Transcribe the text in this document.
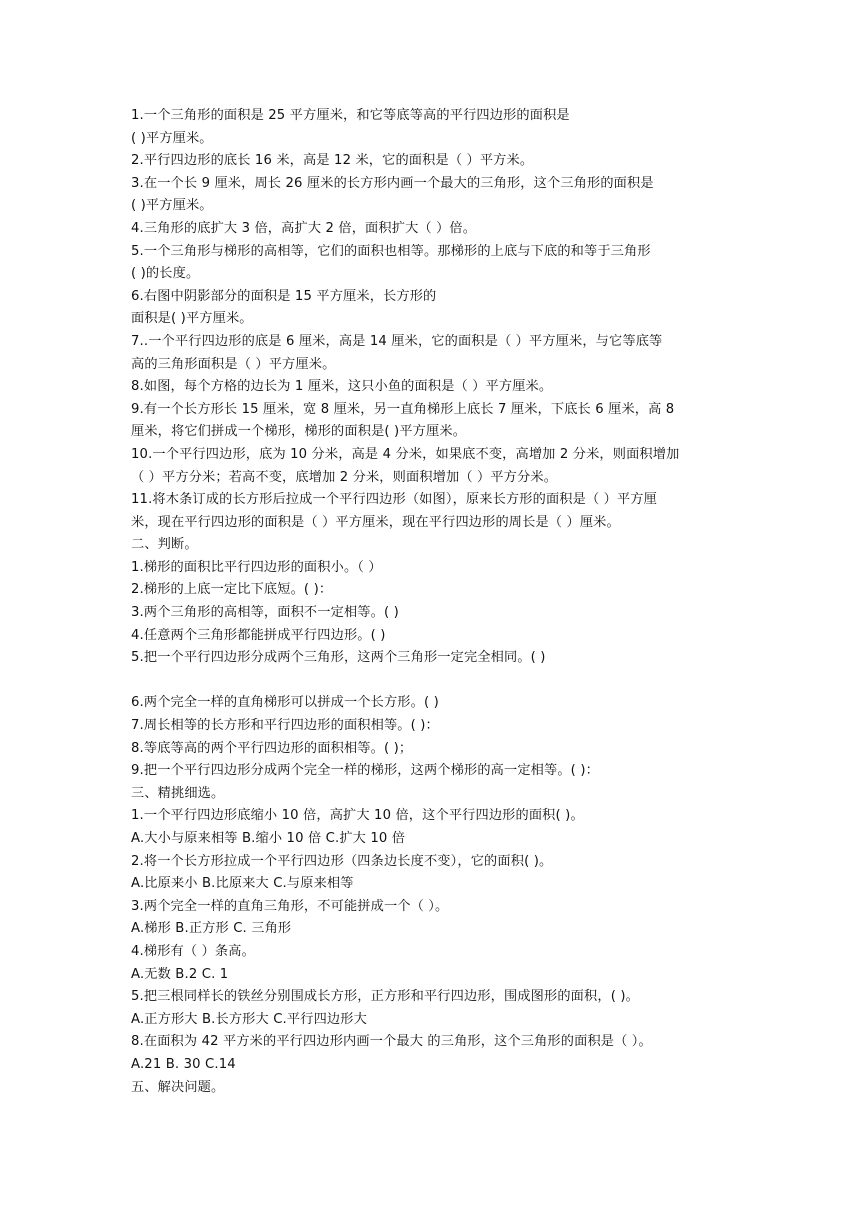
1.一个三角形的面积是 25 平方厘米，和它等底等高的平行四边形的面积是
( )平方厘米。
2.平行四边形的底长 16 米，高是 12 米，它的面积是（ ）平方米。
3.在一个长 9 厘米，周长 26 厘米的长方形内画一个最大的三角形，这个三角形的面积是
( )平方厘米。
4.三角形的底扩大 3 倍，高扩大 2 倍，面积扩大（ ）倍。
5.一个三角形与梯形的高相等，它们的面积也相等。那梯形的上底与下底的和等于三角形
( )的长度。
6.右图中阴影部分的面积是 15 平方厘米，长方形的
面积是( )平方厘米。
7..一个平行四边形的底是 6 厘米，高是 14 厘米，它的面积是（ ）平方厘米，与它等底等
高的三角形面积是（ ）平方厘米。
8.如图，每个方格的边长为 1 厘米，这只小鱼的面积是（ ）平方厘米。
9.有一个长方形长 15 厘米，宽 8 厘米，另一直角梯形上底长 7 厘米，下底长 6 厘米，高 8
厘米，将它们拼成一个梯形，梯形的面积是( )平方厘米。
10.一个平行四边形，底为 10 分米，高是 4 分米，如果底不变，高增加 2 分米，则面积增加
（ ）平方分米；若高不变，底增加 2 分米，则面积增加（ ）平方分米。
11.将木条订成的长方形后拉成一个平行四边形（如图），原来长方形的面积是（ ）平方厘
米，现在平行四边形的面积是（ ）平方厘米，现在平行四边形的周长是（ ）厘米。
二、判断。
1.梯形的面积比平行四边形的面积小。（ ）
2.梯形的上底一定比下底短。( )：
3.两个三角形的高相等，面积不一定相等。( )
4.任意两个三角形都能拼成平行四边形。( )
5.把一个平行四边形分成两个三角形，这两个三角形一定完全相同。( )
6.两个完全一样的直角梯形可以拼成一个长方形。( )
7.周长相等的长方形和平行四边形的面积相等。( )：
8.等底等高的两个平行四边形的面积相等。( )；
9.把一个平行四边形分成两个完全一样的梯形，这两个梯形的高一定相等。( )：
三、精挑细选。
1.一个平行四边形底缩小 10 倍，高扩大 10 倍，这个平行四边形的面积( )。
A.大小与原来相等 B.缩小 10 倍 C.扩大 10 倍
2.将一个长方形拉成一个平行四边形（四条边长度不变），它的面积( )。
A.比原来小 B.比原来大 C.与原来相等
3.两个完全一样的直角三角形，不可能拼成一个（ ）。
A.梯形 B.正方形 C. 三角形
4.梯形有（ ）条高。
A.无数 B.2 C. 1
5.把三根同样长的铁丝分别围成长方形，正方形和平行四边形，围成图形的面积，( )。
A.正方形大 B.长方形大 C.平行四边形大
8.在面积为 42 平方米的平行四边形内画一个最大 的三角形，这个三角形的面积是（ ）。
A.21 B. 30 C.14
五、解决问题。
